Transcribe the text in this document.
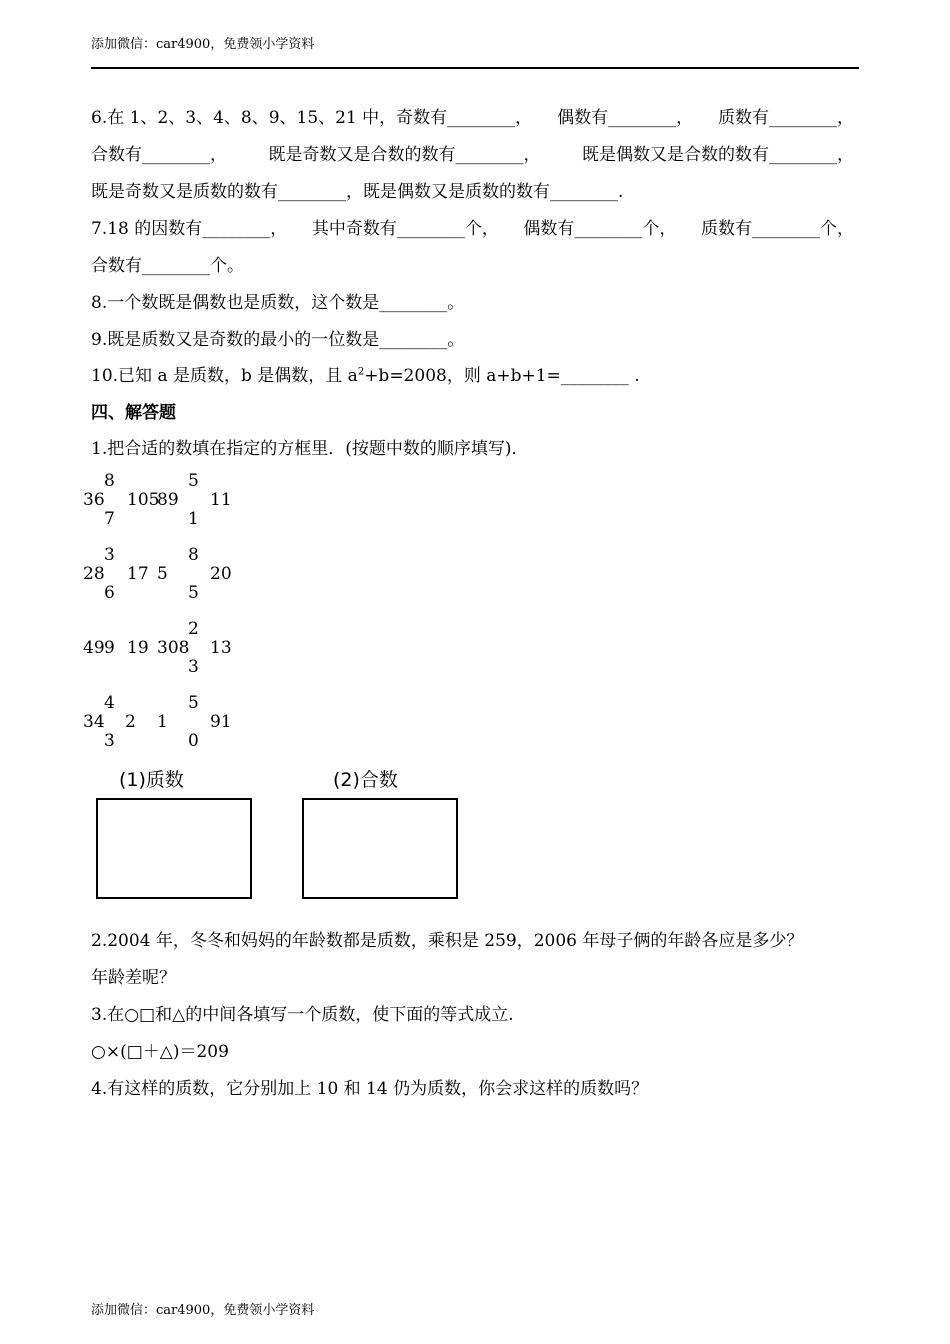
添加微信：car4900，免费领小学资料
6.在 1、2、3、4、8、9、15、21 中，奇数有________， 偶数有________， 质数有________，
合数有________， 既是奇数又是合数的数有________， 既是偶数又是合数的数有________，
既是奇数又是质数的数有________，既是偶数又是质数的数有________.
7.18 的因数有________， 其中奇数有________个， 偶数有________个， 质数有________个，
合数有________个。
8.一个数既是偶数也是质数，这个数是________。
9.既是质数又是奇数的最小的一位数是________。
10.已知 a 是质数，b 是偶数，且 $a^2+b=2008$，则 a+b+1=________ .
四、解答题
1.把合适的数填在指定的方框里．(按题中数的顺序填写)．
8	5
36 105
89 11
7	1
3	8
28 17 5 20
6	5
2
49 9 19 308 13
3
4	5
34 2 1 91
3	0
(1)质数	(2)合数
2.2004 年，冬冬和妈妈的年龄数都是质数，乘积是 259，2006 年母子俩的年龄各应是多少？
年龄差呢？
3.在○□和△的中间各填写一个质数，使下面的等式成立.
○×(□＋△)＝209
4.有这样的质数，它分别加上 10 和 14 仍为质数，你会求这样的质数吗？
添加微信：car4900，免费领小学资料
